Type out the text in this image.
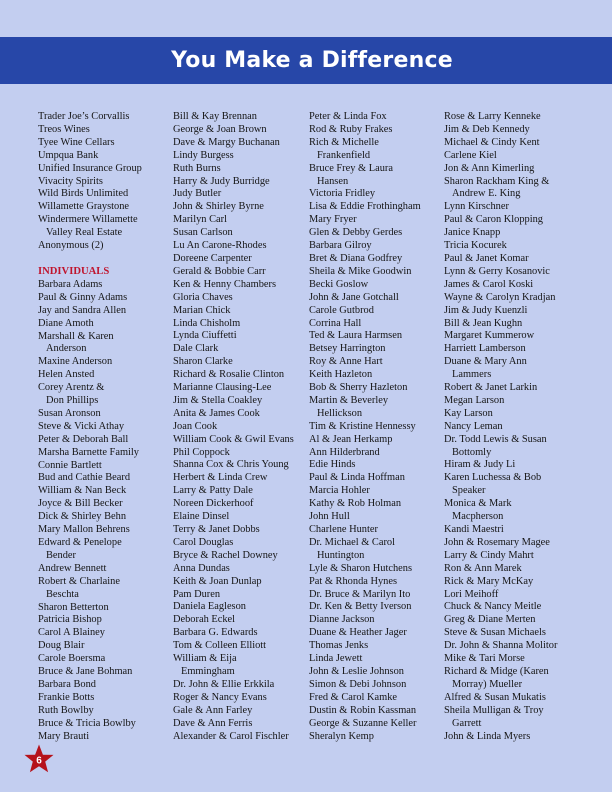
You Make a Difference
Trader Joe’s Corvallis
Treos Wines
Tyee Wine Cellars
Umpqua Bank
Unified Insurance Group
Vivacity Spirits
Wild Birds Unlimited
Willamette Graystone
Windermere Willamette
Valley Real Estate
Anonymous (2)
INDIVIDUALS
Barbara Adams
Paul & Ginny Adams
Jay and Sandra Allen
Diane Amoth
Marshall & Karen
Anderson
Maxine Anderson
Helen Ansted
Corey Arentz &
Don Phillips
Susan Aronson
Steve & Vicki Athay
Peter & Deborah Ball
Marsha Barnette Family
Connie Bartlett
Bud and Cathie Beard
William & Nan Beck
Joyce & Bill Becker
Dick & Shirley Behn
Mary Mallon Behrens
Edward & Penelope
Bender
Andrew Bennett
Robert & Charlaine
Beschta
Sharon Betterton
Patricia Bishop
Carol A Blainey
Doug Blair
Carole Boersma
Bruce & Jane Bohman
Barbara Bond
Frankie Botts
Ruth Bowlby
Bruce & Tricia Bowlby
Mary Brauti
Bill & Kay Brennan
George & Joan Brown
Dave & Margy Buchanan
Lindy Burgess
Ruth Burns
Harry & Judy Burridge
Judy Butler
John & Shirley Byrne
Marilyn Carl
Susan Carlson
Lu An Carone-Rhodes
Doreene Carpenter
Gerald & Bobbie Carr
Ken & Henny Chambers
Gloria Chaves
Marian Chick
Linda Chisholm
Lynda Ciuffetti
Dale Clark
Sharon Clarke
Richard & Rosalie Clinton
Marianne Clausing-Lee
Jim & Stella Coakley
Anita & James Cook
Joan Cook
William Cook & Gwil Evans
Phil Coppock
Shanna Cox & Chris Young
Herbert & Linda Crew
Larry & Patty Dale
Noreen Dickerhoof
Elaine Dinsel
Terry & Janet Dobbs
Carol Douglas
Bryce & Rachel Downey
Anna Dundas
Keith & Joan Dunlap
Pam Duren
Daniela Eagleson
Deborah Eckel
Barbara G. Edwards
Tom & Colleen Elliott
William & Eija
Emmingham
Dr. John & Ellie Erkkila
Roger & Nancy Evans
Gale & Ann Farley
Dave & Ann Ferris
Alexander & Carol Fischler
Peter & Linda Fox
Rod & Ruby Frakes
Rich & Michelle
Frankenfield
Bruce Frey & Laura
Hansen
Victoria Fridley
Lisa & Eddie Frothingham
Mary Fryer
Glen & Debby Gerdes
Barbara Gilroy
Bret & Diana Godfrey
Sheila & Mike Goodwin
Becki Goslow
John & Jane Gotchall
Carole Gutbrod
Corrina Hall
Ted & Laura Harmsen
Betsey Harrington
Roy & Anne Hart
Keith Hazleton
Bob & Sherry Hazleton
Martin & Beverley
Hellickson
Tim & Kristine Hennessy
Al & Jean Herkamp
Ann Hilderbrand
Edie Hinds
Paul & Linda Hoffman
Marcia Hohler
Kathy & Rob Holman
John Hull
Charlene Hunter
Dr. Michael & Carol
Huntington
Lyle & Sharon Hutchens
Pat & Rhonda Hynes
Dr. Bruce & Marilyn Ito
Dr. Ken & Betty Iverson
Dianne Jackson
Duane & Heather Jager
Thomas Jenks
Linda Jewett
John & Leslie Johnson
Simon & Debi Johnson
Fred & Carol Kamke
Dustin & Robin Kassman
George & Suzanne Keller
Sheralyn Kemp
Rose & Larry Kenneke
Jim & Deb Kennedy
Michael & Cindy Kent
Carlene Kiel
Jon & Ann Kimerling
Sharon Rackham King &
Andrew E. King
Lynn Kirschner
Paul & Caron Klopping
Janice Knapp
Tricia Kocurek
Paul & Janet Komar
Lynn & Gerry Kosanovic
James & Carol Koski
Wayne & Carolyn Kradjan
Jim & Judy Kuenzli
Bill & Jean Kughn
Margaret Kummerow
Harriett Lamberson
Duane & Mary Ann
Lammers
Robert & Janet Larkin
Megan Larson
Kay Larson
Nancy Leman
Dr. Todd Lewis & Susan
Bottomly
Hiram & Judy Li
Karen Luchessa & Bob
Speaker
Monica & Mark
Macpherson
Kandi Maestri
John & Rosemary Magee
Larry & Cindy Mahrt
Ron & Ann Marek
Rick & Mary McKay
Lori Meihoff
Chuck & Nancy Meitle
Greg & Diane Merten
Steve & Susan Michaels
Dr. John & Shanna Molitor
Mike & Tari Morse
Richard & Midge (Karen
Morray) Mueller
Alfred & Susan Mukatis
Sheila Mulligan & Troy
Garrett
John & Linda Myers
6
